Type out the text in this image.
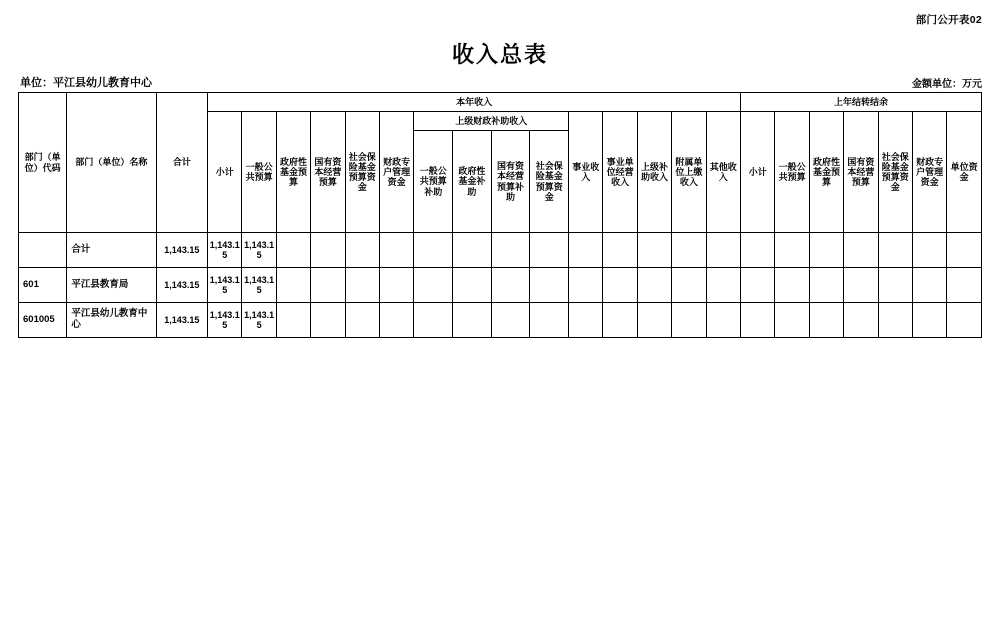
部门公开表02
收入总表
单位：平江县幼儿教育中心	金额单位：万元
部门（单位）代码	部门（单位）名称	合计	本年收入															上年结转结余						
			小计	一般公共预算	政府性基金预算	国有资本经营预算	社会保险基金预算资金	财政专户管理资金	上级财政补助收入				事业收入	事业单位经营收入	上级补助收入	附属单位上缴收入	其他收入	小计	一般公共预算	政府性基金预算	国有资本经营预算	社会保险基金预算资金	财政专户管理资金	单位资金
									一般公共预算补助	政府性基金补助	国有资本经营预算补助	社会保险基金预算资金												

	合计	1,143.15	1,143.15	1,143.15																				
601	平江县教育局	1,143.15	1,143.15	1,143.15																				
601005	平江县幼儿教育中心	1,143.15	1,143.15	1,143.15																				
